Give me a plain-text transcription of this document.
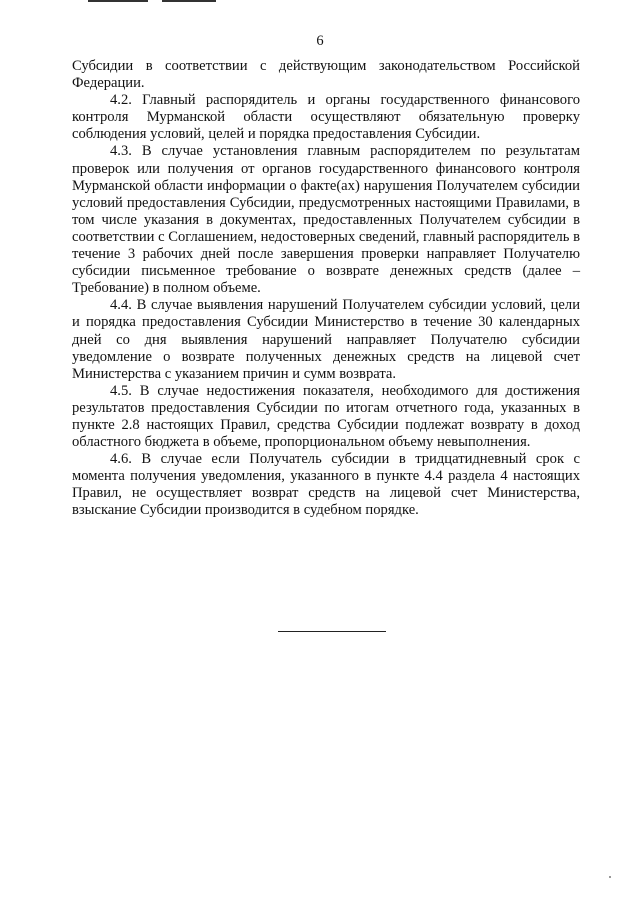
6

Субсидии в соответствии с действующим законодательством Российской Федерации.

4.2. Главный распорядитель и органы государственного финансового контроля Мурманской области осуществляют обязательную проверку соблюдения условий, целей и порядка предоставления Субсидии.

4.3. В случае установления главным распорядителем по результатам проверок или получения от органов государственного финансового контроля Мурманской области информации о факте(ах) нарушения Получателем субсидии условий предоставления Субсидии, предусмотренных настоящими Правилами, в том числе указания в документах, предоставленных Получателем субсидии в соответствии с Соглашением, недостоверных сведений, главный распорядитель в течение 3 рабочих дней после завершения проверки направляет Получателю субсидии письменное требование о возврате денежных средств (далее – Требование) в полном объеме.

4.4. В случае выявления нарушений Получателем субсидии условий, цели и порядка предоставления Субсидии Министерство в течение 30 календарных дней со дня выявления нарушений направляет Получателю субсидии уведомление о возврате полученных денежных средств на лицевой счет Министерства с указанием причин и сумм возврата.

4.5. В случае недостижения показателя, необходимого для достижения результатов предоставления Субсидии по итогам отчетного года, указанных в пункте 2.8 настоящих Правил, средства Субсидии подлежат возврату в доход областного бюджета в объеме, пропорциональном объему невыполнения.

4.6. В случае если Получатель субсидии в тридцатидневный срок с момента получения уведомления, указанного в пункте 4.4 раздела 4 настоящих Правил, не осуществляет возврат средств на лицевой счет Министерства, взыскание Субсидии производится в судебном порядке.
